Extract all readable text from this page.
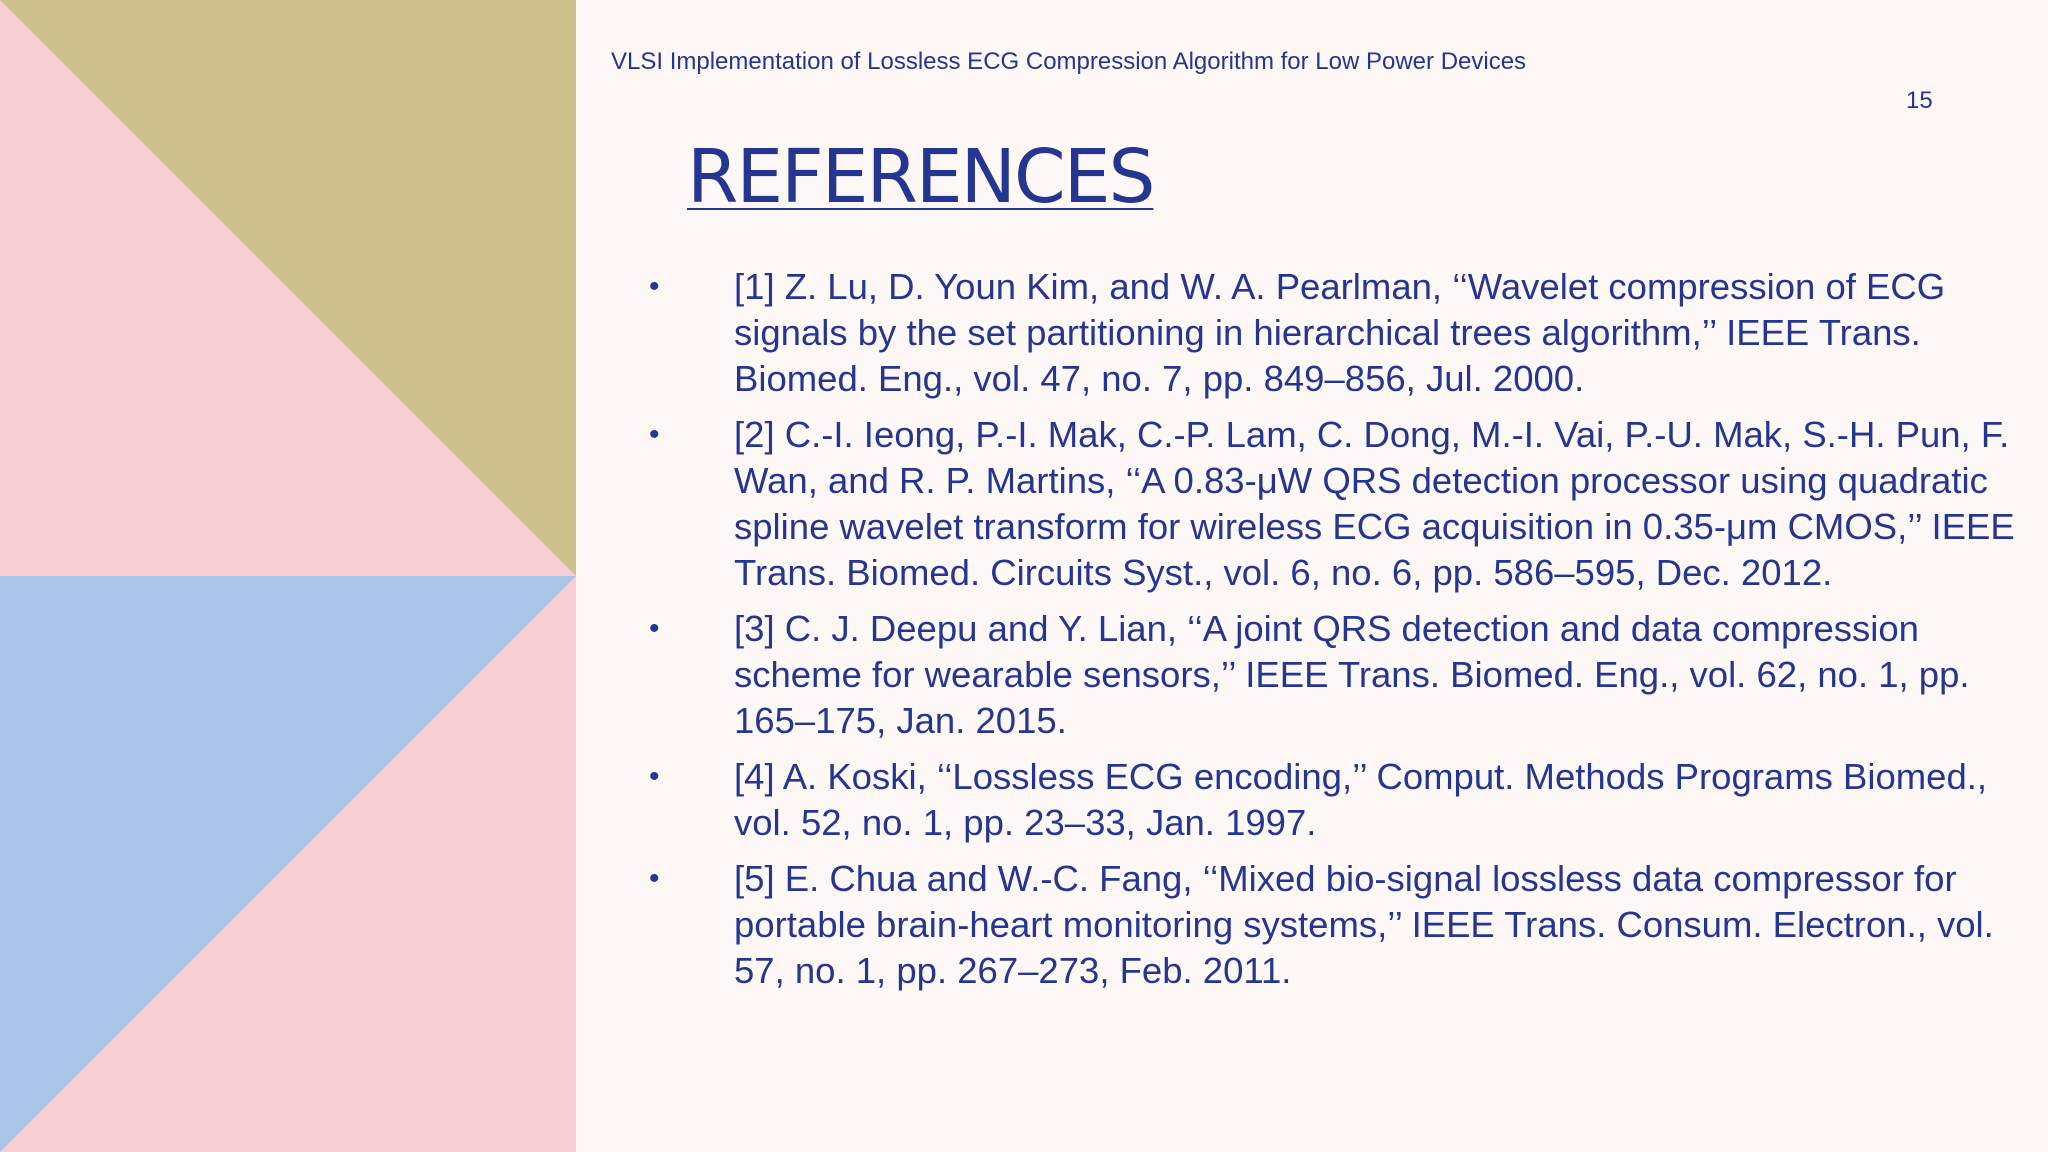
VLSI Implementation of Lossless ECG Compression Algorithm for Low Power Devices
15
REFERENCES
• [1] Z. Lu, D. Youn Kim, and W. A. Pearlman, ‘‘Wavelet compression of ECG signals by the set partitioning in hierarchical trees algorithm,’’ IEEE Trans. Biomed. Eng., vol. 47, no. 7, pp. 849–856, Jul. 2000.
• [2] C.-I. Ieong, P.-I. Mak, C.-P. Lam, C. Dong, M.-I. Vai, P.-U. Mak, S.-H. Pun, F. Wan, and R. P. Martins, ‘‘A 0.83-μW QRS detection processor using quadratic spline wavelet transform for wireless ECG acquisition in 0.35-μm CMOS,’’ IEEE Trans. Biomed. Circuits Syst., vol. 6, no. 6, pp. 586–595, Dec. 2012.
• [3] C. J. Deepu and Y. Lian, ‘‘A joint QRS detection and data compression scheme for wearable sensors,’’ IEEE Trans. Biomed. Eng., vol. 62, no. 1, pp. 165–175, Jan. 2015.
• [4] A. Koski, ‘‘Lossless ECG encoding,’’ Comput. Methods Programs Biomed., vol. 52, no. 1, pp. 23–33, Jan. 1997.
• [5] E. Chua and W.-C. Fang, ‘‘Mixed bio-signal lossless data compressor for portable brain-heart monitoring systems,’’ IEEE Trans. Consum. Electron., vol. 57, no. 1, pp. 267–273, Feb. 2011.
